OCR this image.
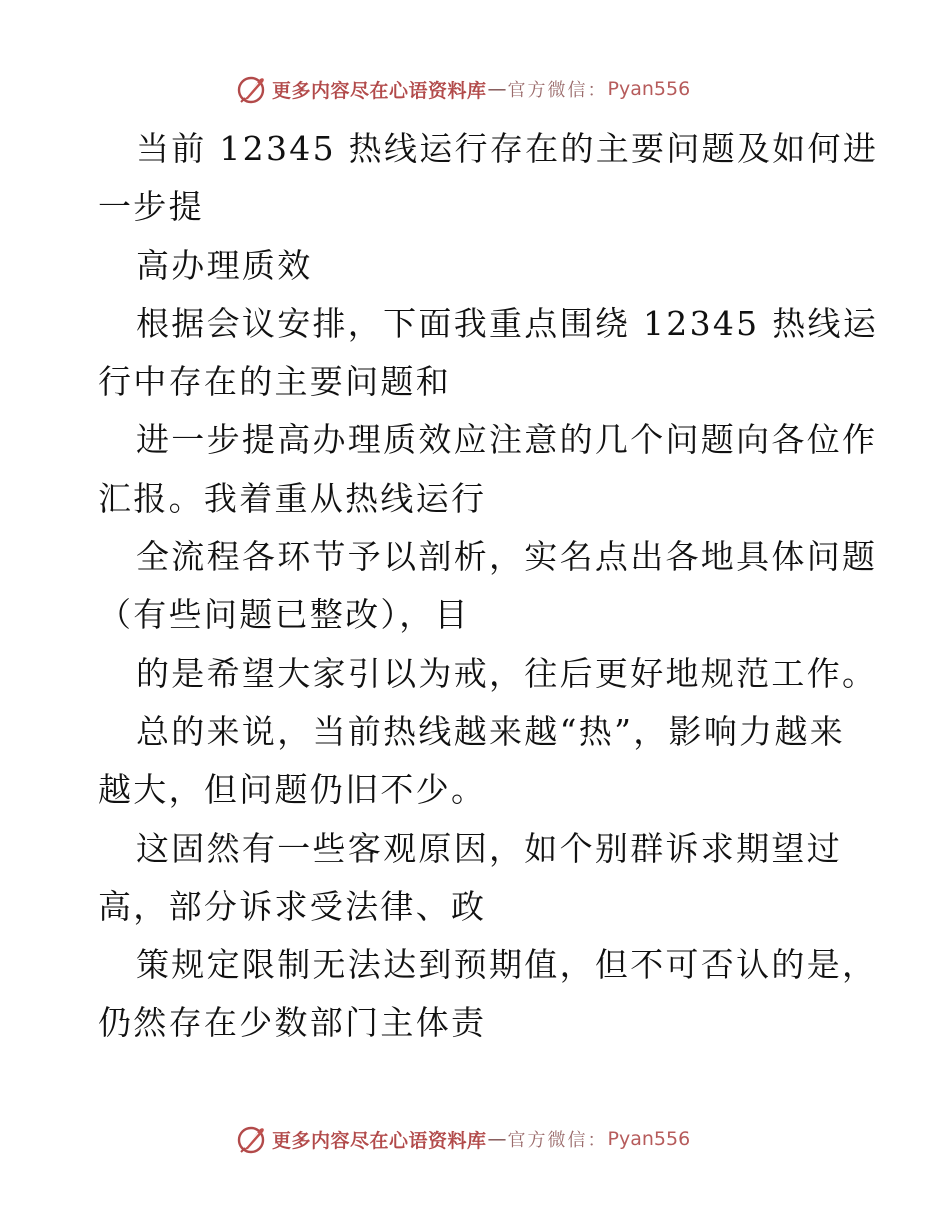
更多内容尽在心语资料库 — 官方微信： Pyan556
当前 12345 热线运行存在的主要问题及如何进
一步提
高办理质效
根据会议安排，下面我重点围绕 12345 热线运
行中存在的主要问题和
进一步提高办理质效应注意的几个问题向各位作
汇报。我着重从热线运行
全流程各环节予以剖析，实名点出各地具体问题
（有些问题已整改），目
的是希望大家引以为戒，往后更好地规范工作。
总的来说，当前热线越来越“热”，影响力越来
越大，但问题仍旧不少。
这固然有一些客观原因，如个别群诉求期望过
高，部分诉求受法律、政
策规定限制无法达到预期值，但不可否认的是，
仍然存在少数部门主体责
更多内容尽在心语资料库 — 官方微信： Pyan556
